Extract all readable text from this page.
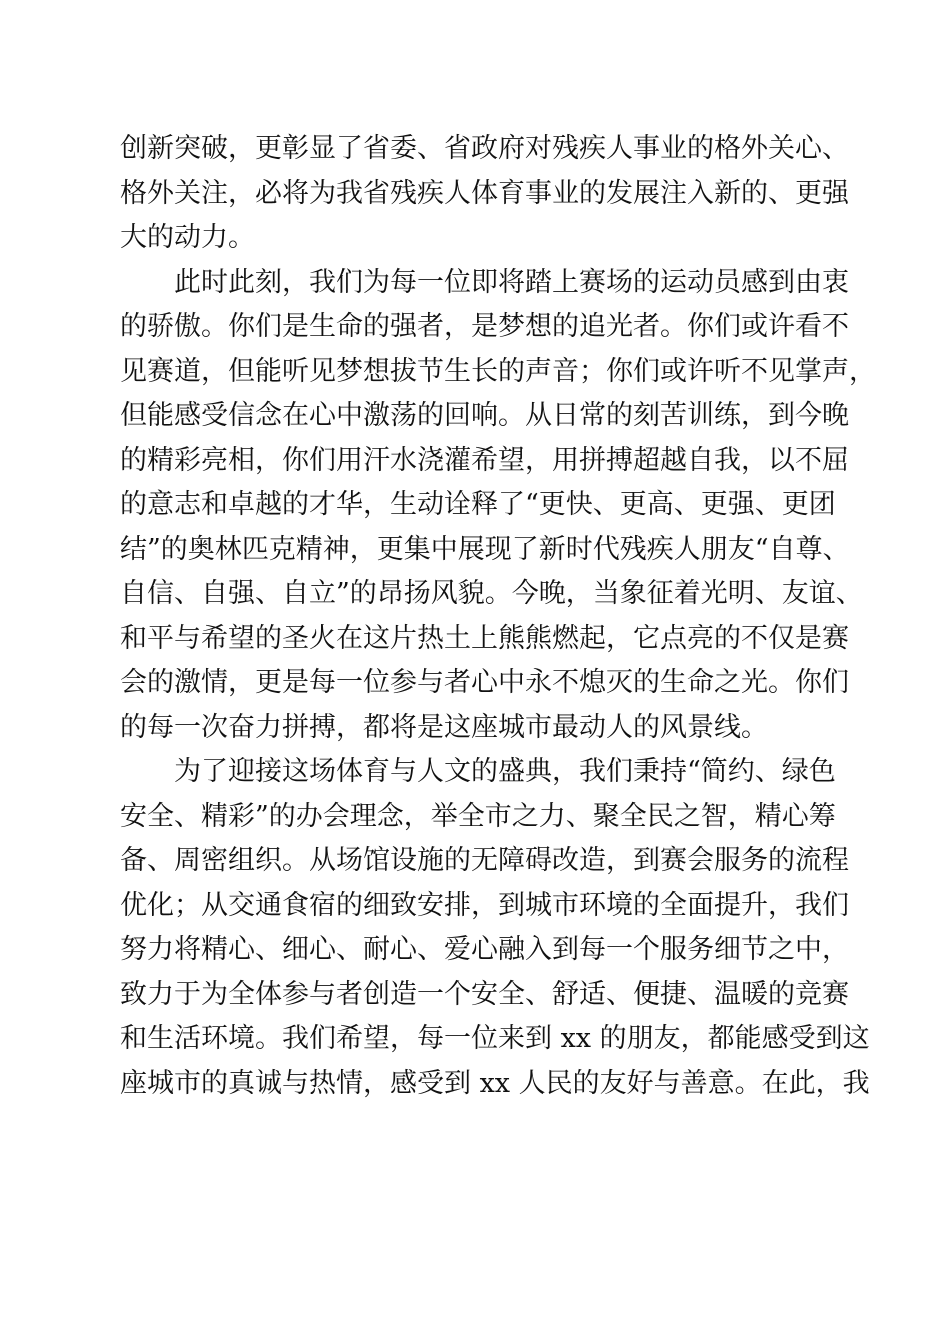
创新突破，更彰显了省委、省政府对残疾人事业的格外关心、
格外关注，必将为我省残疾人体育事业的发展注入新的、更强
大的动力。
此时此刻，我们为每一位即将踏上赛场的运动员感到由衷
的骄傲。你们是生命的强者，是梦想的追光者。你们或许看不
见赛道，但能听见梦想拔节生长的声音；你们或许听不见掌声，
但能感受信念在心中激荡的回响。从日常的刻苦训练，到今晚
的精彩亮相，你们用汗水浇灌希望，用拼搏超越自我，以不屈
的意志和卓越的才华，生动诠释了“更快、更高、更强、更团
结”的奥林匹克精神，更集中展现了新时代残疾人朋友“自尊、
自信、自强、自立”的昂扬风貌。今晚，当象征着光明、友谊、
和平与希望的圣火在这片热土上熊熊燃起，它点亮的不仅是赛
会的激情，更是每一位参与者心中永不熄灭的生命之光。你们
的每一次奋力拼搏，都将是这座城市最动人的风景线。
为了迎接这场体育与人文的盛典，我们秉持“简约、绿色
安全、精彩”的办会理念，举全市之力、聚全民之智，精心筹
备、周密组织。从场馆设施的无障碍改造，到赛会服务的流程
优化；从交通食宿的细致安排，到城市环境的全面提升，我们
努力将精心、细心、耐心、爱心融入到每一个服务细节之中，
致力于为全体参与者创造一个安全、舒适、便捷、温暖的竞赛
和生活环境。我们希望，每一位来到 xx 的朋友，都能感受到这
座城市的真诚与热情，感受到 xx 人民的友好与善意。在此，我
